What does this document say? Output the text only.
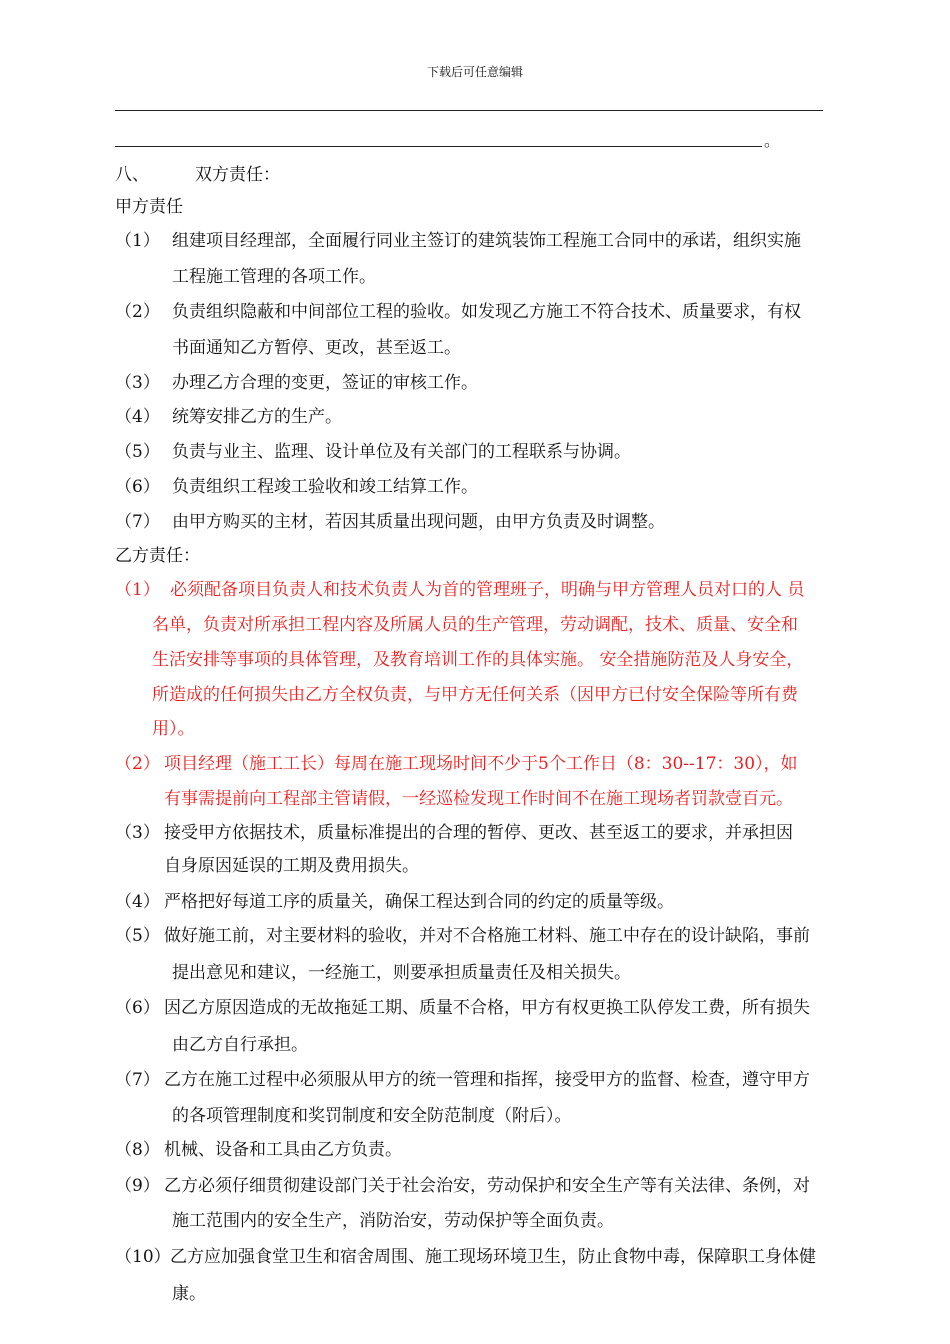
下载后可任意编辑
。
八、	双方责任：
甲方责任
（1） 组建项目经理部，全面履行同业主签订的建筑装饰工程施工合同中的承诺，组织实施
工程施工管理的各项工作。
（2） 负责组织隐蔽和中间部位工程的验收。如发现乙方施工不符合技术、质量要求，有权
书面通知乙方暂停、更改，甚至返工。
（3） 办理乙方合理的变更，签证的审核工作。
（4） 统筹安排乙方的生产。
（5） 负责与业主、监理、设计单位及有关部门的工程联系与协调。
（6） 负责组织工程竣工验收和竣工结算工作。
（7） 由甲方购买的主材，若因其质量出现问题，由甲方负责及时调整。
乙方责任：
（1） 必须配备项目负责人和技术负责人为首的管理班子，明确与甲方管理人员对口的人 员
名单，负责对所承担工程内容及所属人员的生产管理，劳动调配，技术、质量、安全和
生活安排等事项的具体管理，及教育培训工作的具体实施。 安全措施防范及人身安全，
所造成的任何损失由乙方全权负责，与甲方无任何关系（因甲方已付安全保险等所有费
用）。
（2） 项目经理（施工工长）每周在施工现场时间不少于5个工作日（8：30--17：30），如
有事需提前向工程部主管请假，一经巡检发现工作时间不在施工现场者罚款壹百元。
（3） 接受甲方依据技术，质量标准提出的合理的暂停、更改、甚至返工的要求，并承担因
自身原因延误的工期及费用损失。
（4） 严格把好每道工序的质量关，确保工程达到合同的约定的质量等级。
（5） 做好施工前，对主要材料的验收，并对不合格施工材料、施工中存在的设计缺陷，事前
提出意见和建议，一经施工，则要承担质量责任及相关损失。
（6） 因乙方原因造成的无故拖延工期、质量不合格，甲方有权更换工队停发工费，所有损失
由乙方自行承担。
（7） 乙方在施工过程中必须服从甲方的统一管理和指挥，接受甲方的监督、检查，遵守甲方
的各项管理制度和奖罚制度和安全防范制度（附后）。
（8） 机械、设备和工具由乙方负责。
（9） 乙方必须仔细贯彻建设部门关于社会治安，劳动保护和安全生产等有关法律、条例，对
施工范围内的安全生产，消防治安，劳动保护等全面负责。
（10） 乙方应加强食堂卫生和宿舍周围、施工现场环境卫生，防止食物中毒，保障职工身体健
康。
